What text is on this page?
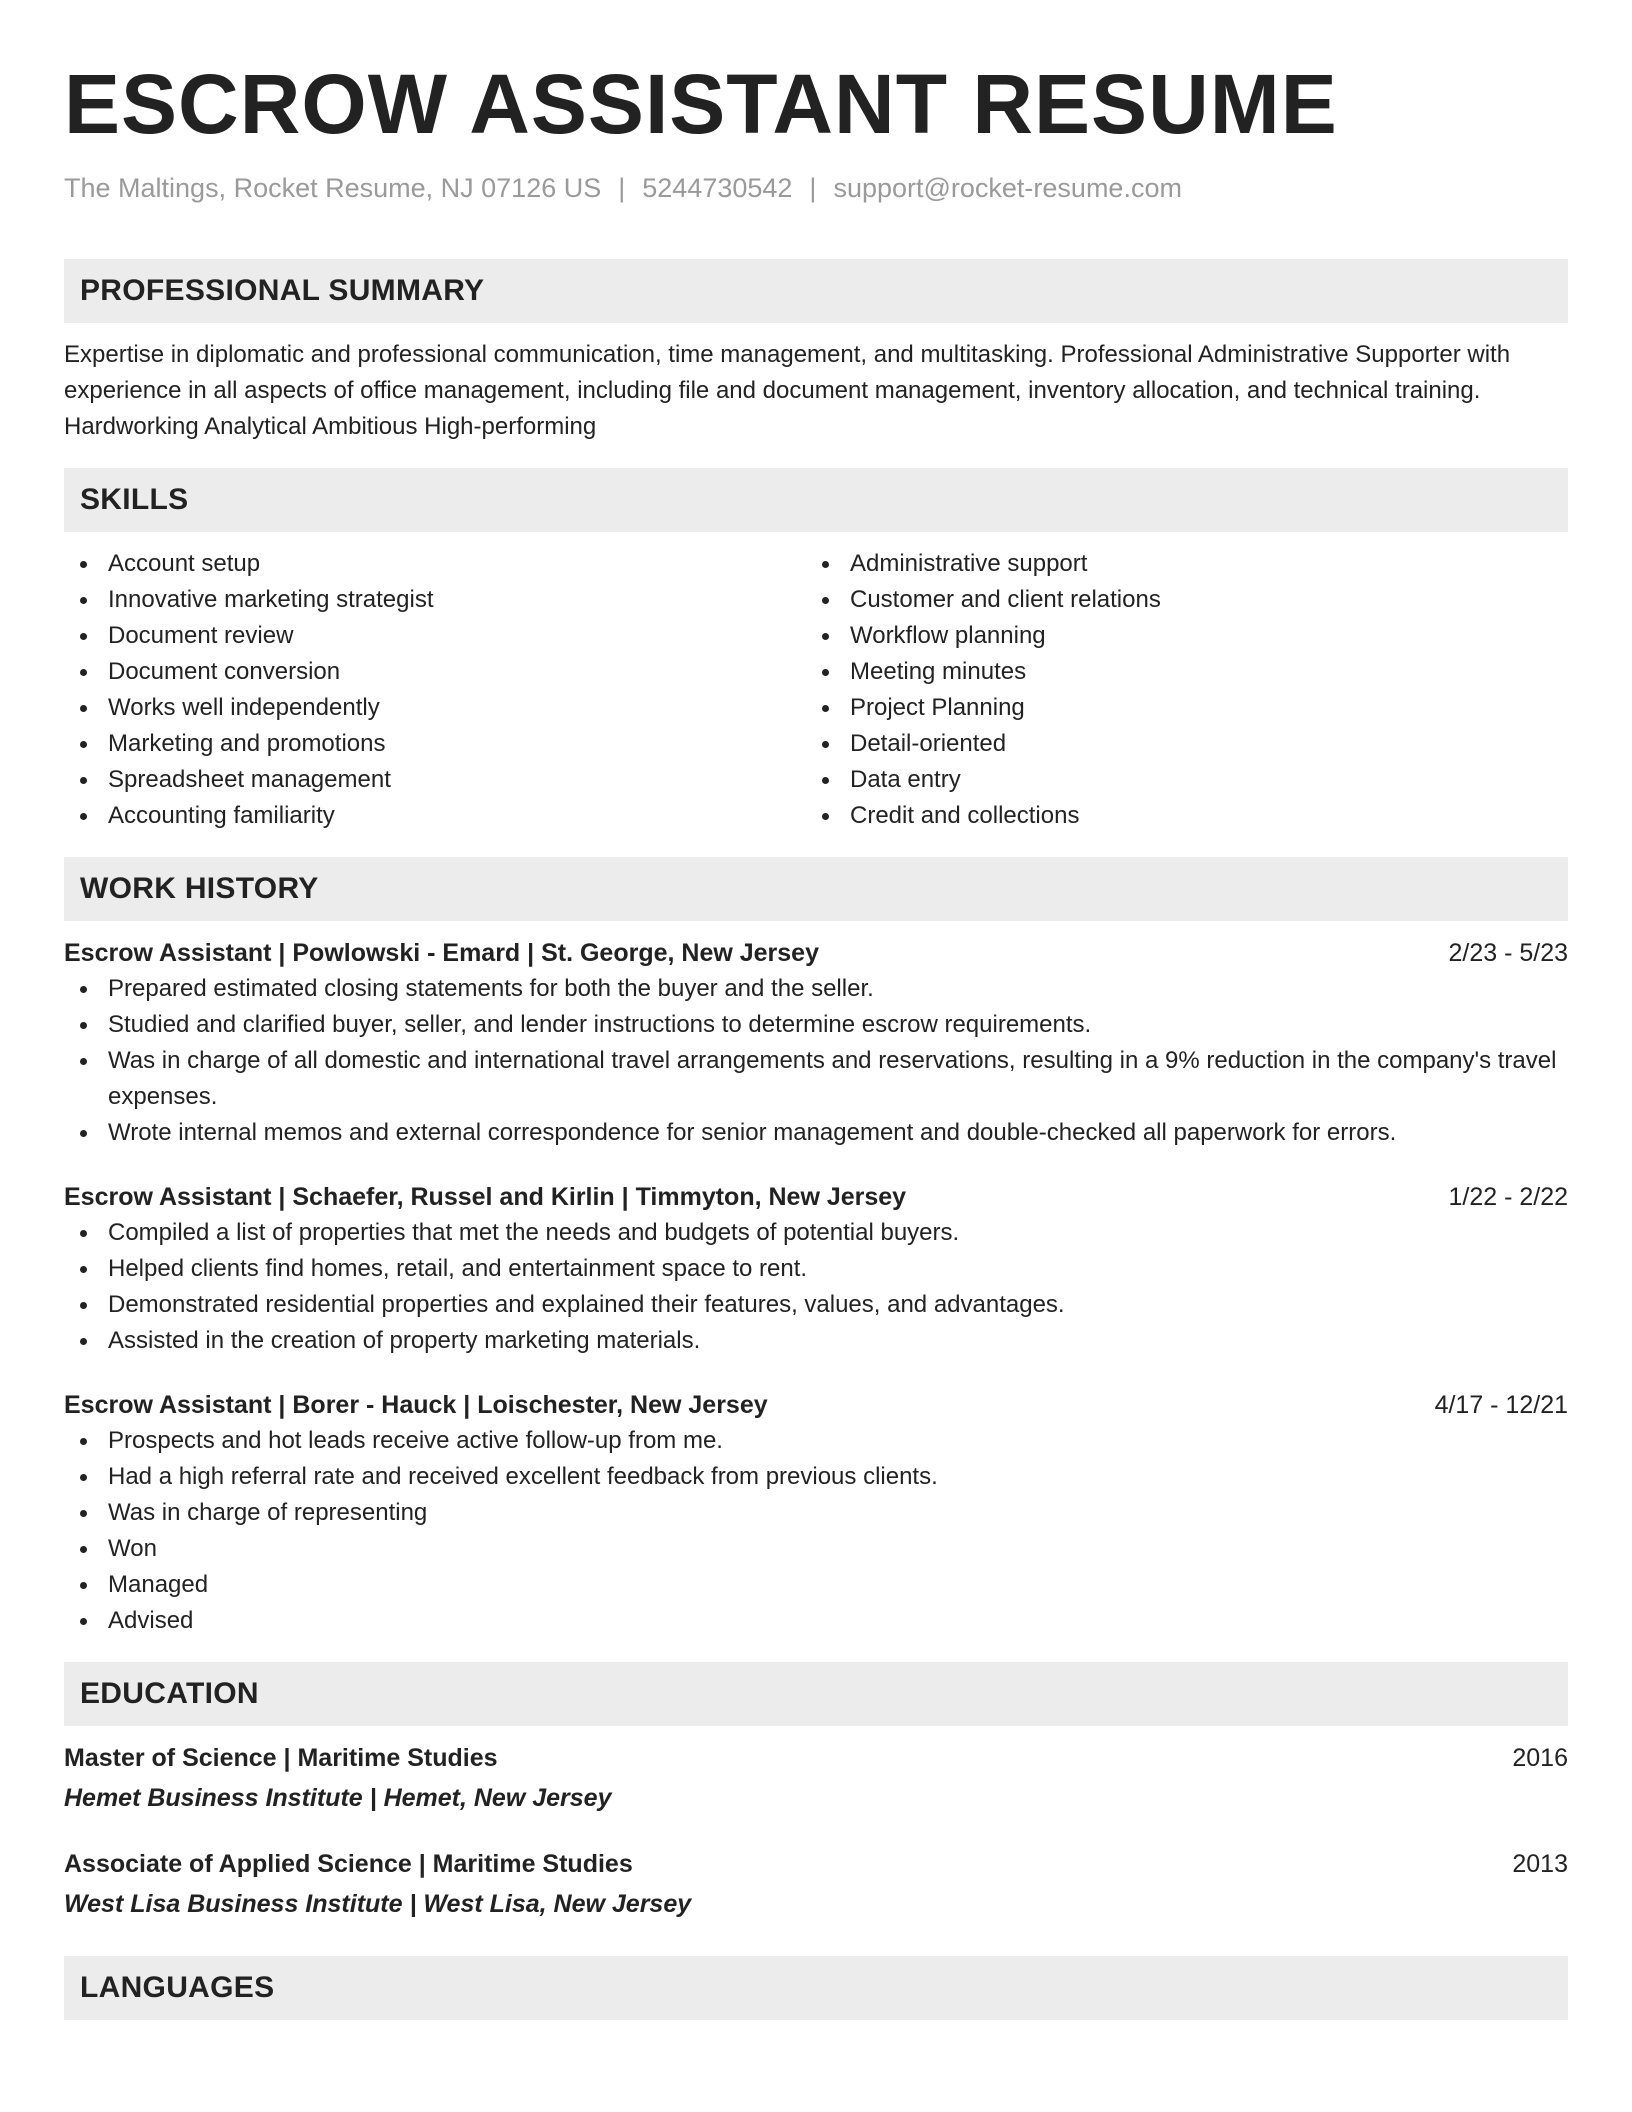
ESCROW ASSISTANT RESUME
The Maltings, Rocket Resume, NJ 07126 US | 5244730542 | support@rocket-resume.com
PROFESSIONAL SUMMARY

Expertise in diplomatic and professional communication, time management, and multitasking. Professional Administrative Supporter with experience in all aspects of office management, including file and document management, inventory allocation, and technical training. Hardworking Analytical Ambitious High-performing

SKILLS
Account setup
Innovative marketing strategist
Document review
Document conversion
Works well independently
Marketing and promotions
Spreadsheet management
Accounting familiarity
Administrative support
Customer and client relations
Workflow planning
Meeting minutes
Project Planning
Detail-oriented
Data entry
Credit and collections
WORK HISTORY
Escrow Assistant | Powlowski - Emard | St. George, New Jersey	2/23 - 5/23
Prepared estimated closing statements for both the buyer and the seller.
Studied and clarified buyer, seller, and lender instructions to determine escrow requirements.
Was in charge of all domestic and international travel arrangements and reservations, resulting in a 9% reduction in the company's travel expenses.
Wrote internal memos and external correspondence for senior management and double-checked all paperwork for errors.
Escrow Assistant | Schaefer, Russel and Kirlin | Timmyton, New Jersey	1/22 - 2/22
Compiled a list of properties that met the needs and budgets of potential buyers.
Helped clients find homes, retail, and entertainment space to rent.
Demonstrated residential properties and explained their features, values, and advantages.
Assisted in the creation of property marketing materials.
Escrow Assistant | Borer - Hauck | Loischester, New Jersey	4/17 - 12/21
Prospects and hot leads receive active follow-up from me.
Had a high referral rate and received excellent feedback from previous clients.
Was in charge of representing
Won
Managed
Advised
EDUCATION
Master of Science | Maritime Studies	2016
Hemet Business Institute | Hemet, New Jersey
Associate of Applied Science | Maritime Studies	2013
West Lisa Business Institute | West Lisa, New Jersey
LANGUAGES
